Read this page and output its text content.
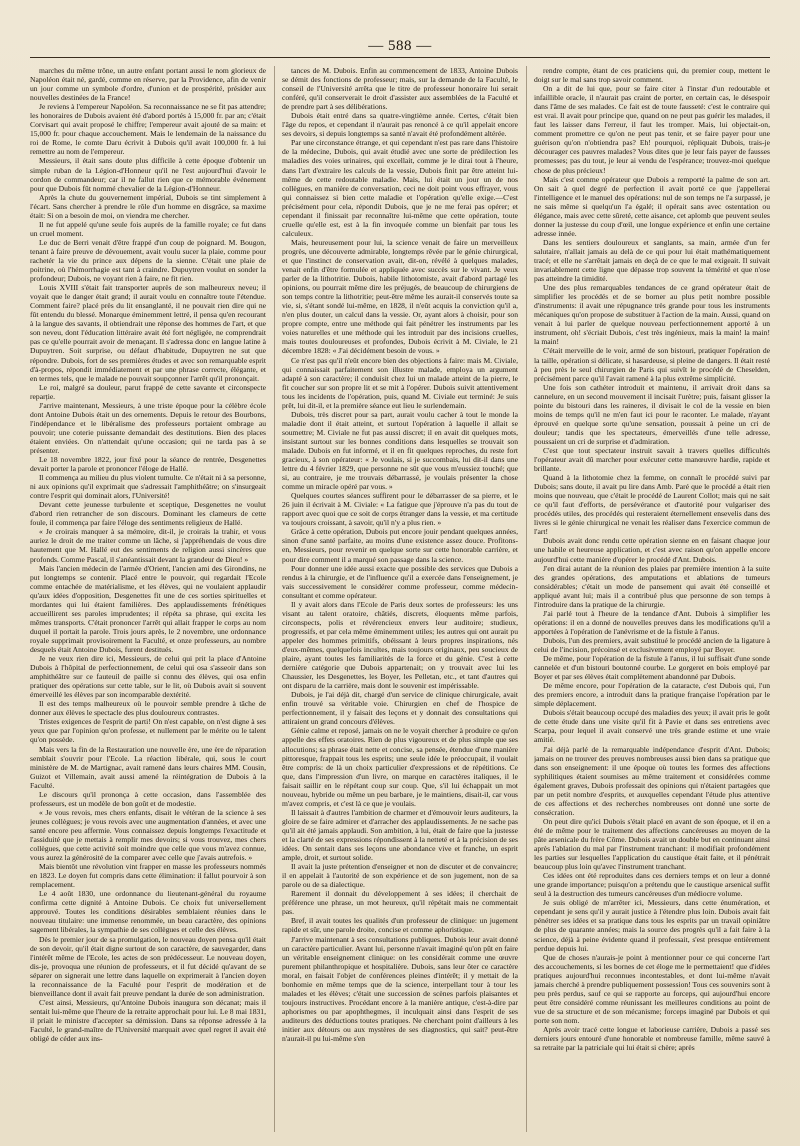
— 588 —

marches du même trône, un autre enfant portant aussi le nom glorieux de Napoléon était né, gardé, comme en réserve, par la Providence, afin de venir un jour comme un symbole d'ordre, d'union et de prospérité, présider aux nouvelles destinées de la France!

Je reviens à l'empereur Napoléon. Sa reconnaissance ne se fit pas attendre; les honoraires de Dubois avaient été d'abord portés à 15,000 fr. par an; c'était Corvisart qui avait proposé le chiffre; l'empereur avait ajouté de sa main: et 15,000 fr. pour chaque accouchement. Mais le lendemain de la naissance du roi de Rome, le comte Daru écrivit à Dubois qu'il avait 100,000 fr. à lui remettre au nom de l'empereur.

Messieurs, il était sans doute plus difficile à cette époque d'obtenir un simple ruban de la Légion-d'Honneur qu'il ne l'est aujourd'hui d'avoir le cordon de commandeur; car il ne fallut rien que ce mémorable événement pour que Dubois fût nommé chevalier de la Légion-d'Honneur.

Après la chute du gouvernement impérial, Dubois se tint simplement à l'écart. Sans chercher à prendre le rôle d'un homme en disgrâce, sa maxime était: Si on a besoin de moi, on viendra me chercher.

Il ne fut appelé qu'une seule fois auprès de la famille royale; ce fut dans un cruel moment.

Le duc de Berri venait d'être frappé d'un coup de poignard. M. Bougon, tenant à faire preuve de dévouement, avait voulu sucer la plaie, comme pour rachetér la vie du prince aux dépens de la sienne. C'était une plaie de poitrine, où l'hémorrhagie est tant à craindre. Dupuytren voulut en sonder la profondeur; Dubois, ne voyant rien à faire, ne fit rien.

Louis XVIII s'était fait transporter auprès de son malheureux neveu; il voyait que le danger était grand; il aurait voulu en connaître toute l'étendue. Comment faire? placé près du lit ensanglanté, il ne pouvait rien dire qui ne fût entendu du blessé. Monarque éminemment lettré, il pensa qu'en recourant à la langue des savants, il obtiendrait une réponse des hommes de l'art, et que son neveu, dont l'éducation littéraire avait été fort négligée, ne comprendrait pas ce qu'elle pourrait avoir de menaçant. Il s'adressa donc en langue latine à Dupuytren. Soit surprise, ou défaut d'habitude, Dupuytren ne sut que répondre. Dubois, fort de ses premières études et avec son remarquable esprit d'à-propos, répondit immédiatement et par une phrase correcte, élégante, et en termes tels, que le malade ne pouvait soupçonner l'arrêt qu'il prononçait.

Le roi, malgré sa douleur, parut frappé de cette savante et circonspecte reparție.

J'arrive maintenant, Messieurs, à une triste époque pour la célèbre école dont Antoine Dubois était un des ornements. Depuis le retour des Bourbons, l'indépendance et le libéralisme des professeurs portaient ombrage au pouvoir; une coterie puissante demandait des destitutions. Bien des places étaient enviées. On n'attendait qu'une occasion; qui ne tarda pas à se présenter.

Le 18 novembre 1822, jour fixé pour la séance de rentrée, Desgenettes devait porter la parole et prononcer l'éloge de Hallé.

Il commença au milieu du plus violent tumulte. Ce n'était ni à sa personne, ni aux opinions qu'il exprimait que s'adressait l'amphithéâtre; on s'insurgeait contre l'esprit qui dominait alors, l'Université!

Devant cette jeunesse turbulente et sceptique, Desgenettes ne voulut d'abord rien retrancher de son discours. Dominant les clameurs de cette foule, il commença par faire l'éloge des sentiments religieux de Hallé.

« Je croirais manquer à sa mémoire, dit-il, je croirais la trahir, et vous auriez le droit de me traiter comme un lâche, si j'appréhendais de vous dire hautement que M. Hallé eut des sentiments de religion aussi sincères que profonds. Comme Pascal, il s'anéantissait devant la grandeur de Dieu! »

Mais l'ancien médecin de l'armée d'Orient, l'ancien ami des Girondins, ne put longtemps se contenir. Placé entre le pouvoir, qui regardait l'Ecole comme entachée de matérialisme, et les élèves, qui ne voulaient applaudir qu'aux idées d'opposition, Desgenettes fit une de ces sorties spirituelles et mordantes qui lui étaient familières. Des applaudissements frénétiques accueillirent ses paroles imprudentes; il répéta sa phrase, qui excita les mêmes transports. C'était prononcer l'arrêt qui allait frapper le corps au nom duquel il portait la parole. Trois jours après, le 2 novembre, une ordonnance royale supprimait provisoirement la Faculté, et onze professeurs, au nombre desquels était Antoine Dubois, furent destitués.

Je ne veux rien dire ici, Messieurs, de celui qui prit la place d'Antoine Dubois à l'hôpital de perfectionnement, de celui qui osa s'asseoir dans son amphithéâtre sur ce fauteuil de paille si connu des élèves, qui osa enfin pratiquer des opérations sur cette table, sur le lit, où Dubois avait si souvent émerveillé les élèves par son incomparable dextérité.

Il est des temps malheureux où le pouvoir semble prendre à tâche de donner aux élèves le spectacle des plus douloureux contrastes.

Tristes exigences de l'esprit de parti! On n'est capable, on n'est digne à ses yeux que par l'opinion qu'on professe, et nullement par le mérite ou le talent qu'on possède.

Mais vers la fin de la Restauration une nouvelle ère, une ère de réparation semblait s'ouvrir pour l'Ecole. La réaction libérale, qui, sous le court ministère de M. de Martignac, avait ramené dans leurs chaires MM. Cousin, Guizot et Villemain, avait aussi amené la réintégration de Dubois à la Faculté.

Le discours qu'il prononça à cette occasion, dans l'assemblée des professeurs, est un modèle de bon goût et de modestie.

« Je vous revois, mes chers enfants, disait le vétéran de la science à ses jeunes collègues; je vous revois avec une augmentation d'années, et avec une santé encore peu affermie. Vous connaissez depuis longtemps l'exactitude et l'assiduité que je mettais à remplir mes devoirs; si vous trouvez, mes chers collègues, que cette activité soit moindre que celle que vous m'avez connue, vous aurez la générosité de la comparer avec celle que j'avais autrefois. »

Mais bientôt une révolution vint frapper en masse les professeurs nommés en 1823. Le doyen fut compris dans cette élimination: il fallut pourvoir à son remplacement.

Le 4 août 1830, une ordonnance du lieutenant-général du royaume confirma cette dignité à Antoine Dubois. Ce choix fut universellement approuvé. Toutes les conditions désirables semblaient réunies dans le nouveau titulaire: une immense renommée, un beau caractère, des opinions sagement libérales, la sympathie de ses collègues et celle des élèves.

Dès le premier jour de sa promulgation, le nouveau doyen pensa qu'il était de son devoir, qu'il était digne surtout de son caractère, de sauvegarder, dans l'intérêt même de l'Ecole, les actes de son prédécesseur. Le nouveau doyen, dis-je, provoqua une réunion de professeurs, et il fut décidé qu'avant de se séparer on signerait une lettre dans laquelle on exprimerait à l'ancien doyen la reconnaissance de la Faculté pour l'esprit de modération et de bienveillance dont il avait fait preuve pendant la durée de son administration.

C'est ainsi, Messieurs, qu'Antoine Dubois inaugura son décanat; mais il sentait lui-même que l'heure de la retraite approchait pour lui. Le 8 mai 1831, il priait le ministre d'accepter sa démission. Dans sa réponse adressée à la Faculté, le grand-maître de l'Université marquait avec quel regret il avait été obligé de céder aux ins-

tances de M. Dubois. Enfin au commencement de 1833, Antoine Dubois se démit des fonctions de professeur; mais, sur la demande de la Faculté, le conseil de l'Université arrêta que le titre de professeur honoraire lui serait conféré, qu'il conserverait le droit d'assister aux assemblées de la Faculté et de prendre part à ses délibérations.

Dubois était entré dans sa quatre-vingtième année. Certes, c'était bien l'âge du repos, et cependant il n'aurait pas renoncé à ce qu'il appelait encore ses devoirs, si depuis longtemps sa santé n'avait été profondément altérée.

Par une circonstance étrange, et qui cependant n'est pas rare dans l'histoire de la médecine, Dubois, qui avait étudié avec une sorte de prédilection les maladies des voies urinaires, qui excellait, comme je le dirai tout à l'heure, dans l'art d'extraire les calculs de la vessie, Dubois finit par être atteint lui-même de cette redoutable maladie. Mais, lui était un jour un de nos collègues, en manière de conversation, ceci ne doit point vous effrayer, vous qui connaissez si bien cette maladie et l'opération qu'elle exige.—C'est précisément pour cela, répondit Dubois, que je ne me ferai pas opérer; et cependant il finissait par reconnaître lui-même que cette opération, toute cruelle qu'elle est, est à la fin invoquée comme un bienfait par tous les calculeux.

Mais, heureusement pour lui, la science venait de faire un merveilleux progrès, une découverte admirable, longtemps rêvée par le génie chirurgical, et que l'instinct de conservation avait, dit-on, révélé à quelques malades, venait enfin d'être formulée et appliquée avec succès sur le vivant. Je veux parler de la lithotritie. Dubois, habile lithotomiste, avait d'abord partagé les opinions, ou pourrait même dire les préjugés, de beaucoup de chirurgiens de son temps contre la lithotritie; peut-être même les aurait-il conservés toute sa vie, si, s'étant sondé lui-même, en 1828, il n'eût acquis la conviction qu'il a, n'en plus douter, un calcul dans la vessie. Or, ayant alors à choisir, pour son propre compte, entre une méthode qui fait pénétrer les instruments par les voies naturelles et une méthode qui les introduit par des incisions cruelles, mais toutes douloureuses et profondes, Dubois écrivit à M. Civiale, le 21 décembre 1828: « J'ai décidément besoin de vous. »

Ce n'est pas qu'il n'eût encore bien des objections à faire: mais M. Civiale, qui connaissait parfaitement son illustre malade, employa un argument adapté à son caractère; il conduisit chez lui un malade atteint de la pierre, le fit coucher sur son propre lit et se mit à l'opérer. Dubois suivit attentivement tous les incidents de l'opération, puis, quand M. Civiale eut terminé: Je suis prêt, lui dit-il, et la première séance eut lieu le surlendemain.

Dubois, très discret pour sa part, aurait voulu cacher à tout le monde la maladie dont il était atteint, et surtout l'opération à laquelle il allait se soumettre; M. Civiale ne fut pas aussi discret; il en avait dit quelques mots, insistant surtout sur les bonnes conditions dans lesquelles se trouvait son malade. Dubois en fut informé, et il en fit quelques reproches, du reste fort gracieux, à son opérateur: « Je voulais, si je succombais, lui dit-il dans une lettre du 4 février 1829, que personne ne sût que vous m'eussiez touché; que si, au contraire, je me trouvais débarrassé, je voulais présenter la chose comme un miracle opéré par vous. »

Quelques courtes séances suffirent pour le débarrasser de sa pierre, et le 26 juin il écrivait à M. Civiale: « La fatigue que j'éprouve n'a pas du tout de rapport avec quoi que ce soit de corps étranger dans la vessie, et ma certitude va toujours croissant, à savoir, qu'il n'y a plus rien. »

Grâce à cette opération, Dubois put encore jouir pendant quelques années, sinon d'une santé parfaite, au moins d'une existence assez douce. Profitons-en, Messieurs, pour revenir en quelque sorte sur cette honorable carrière, et pour dire comment il a marqué son passage dans la science.

Pour donner une idée aussi exacte que possible des services que Dubois a rendus à la chirurgie, et de l'influence qu'il a exercée dans l'enseignement, je vais successivement le considérer comme professeur, comme médecin-consultant et comme opérateur.

Il y avait alors dans l'Ecole de Paris deux sortes de professeurs: les uns visant au talent oratoire, châtiés, discrets, éloquents même parfois, circonspects, polis et révérencieux envers leur auditoire; studieux, progressifs, et par cela même éminemment utiles; les autres qui ont aurait pu appeler des hommes primitifs, obéissant à leurs propres inspirations, nés d'eux-mêmes, quelquefois incultes, mais toujours originaux, peu soucieux de plaire, ayant toutes les familiarités de la force et du génie. C'est à cette dernière catégorie que Dubois appartenait; on y trouvait avec lui les Chaussier, les Desgenettes, les Boyer, les Pelletan, etc., et tant d'autres qui ont disparu de la carrière, mais dont le souvenir est impérissable.

Dubois, je l'ai déjà dit, chargé d'un service de clinique chirurgicale, avait enfin trouvé sa véritable voie. Chirurgien en chef de l'hospice de perfectionnement, il y faisait des leçons et y donnait des consultations qui attiraient un grand concours d'élèves.

Génie calme et reposé, jamais on ne le voyait chercher à produire ce qu'on appelle des effets oratoires. Rien de plus vigoureux et de plus simple que ses allocutions; sa phrase était nette et concise, sa pensée, étendue d'une manière pittoresque, frappait tous les esprits; une seule idée le préoccupait, il voulait être compris: de là un choix particulier d'expressions et de répétitions. Ce que, dans l'impression d'un livre, on marque en caractères italiques, il le faisait saillir en le répétant coup sur coup. Que, s'il lui échappait un mot nouveau, hybride ou même un peu barbare, je le maintiens, disait-il, car vous m'avez compris, et c'est là ce que je voulais.

Il laissait à d'autres l'ambition de charmer et d'émouvoir leurs auditeurs, la gloire de se faire admirer et d'arracher des applaudissements. Je ne sache pas qu'il ait été jamais applaudi. Son ambition, à lui, était de faire que la justesse et la clarté de ses expressions répondissent à la netteté et à la précision de ses idées. On sentait dans ses leçons une abondance vive et franche, un esprit ample, droit, et surtout solide.

Il avait la juste prétention d'enseigner et non de discuter et de convaincre; il en appelait à l'autorité de son expérience et de son jugement, non de sa parole ou de sa dialectique.

Rarement il donnait du développement à ses idées; il cherchait de préférence une phrase, un mot heureux, qu'il répétait mais ne commentait pas.

Bref, il avait toutes les qualités d'un professeur de clinique: un jugement rapide et sûr, une parole droite, concise et comme aphoristique.

J'arrive maintenant à ses consultations publiques. Dubois leur avait donné un caractère particulier. Avant lui, personne n'avait imaginé qu'on pût en faire un véritable enseignement clinique: on les considérait comme une œuvre purement philanthropique et hospitalière. Dubois, sans leur ôter ce caractère moral, en faisait l'objet de conférences pleines d'intérêt; il y mettait de la bonhomie en même temps que de la science, interpellant tour à tour les malades et les élèves; c'était une succession de scènes parfois plaisantes et toujours instructives. Procédant encore à la manière antique, c'est-à-dire par aphorismes ou par apophthegmes, il inculquait ainsi dans l'esprit de ses auditeurs des déductions toutes pratiques. Ne cherchant point d'ailleurs à les initier aux détours ou aux mystères de ses diagnostics, qui sait? peut-être n'aurait-il pu lui-même s'en

rendre compte, étant de ces praticiens qui, du premier coup, mettent le doigt sur le mal sans trop savoir comment.

On a dit de lui que, pour se faire citer à l'instar d'un redoutable et infaillible oracle, il n'aurait pas craint de porter, en certain cas, le désespoir dans l'âme de ses malades. Ce fait est de toute fausseté: c'est le contraire qui est vrai. Il avait pour principe que, quand on ne peut pas guérir les malades, il faut les laisser dans l'erreur, il faut les tromper. Mais, lui objectait-on, comment promettre ce qu'on ne peut pas tenir, et se faire payer pour une guérison qu'on n'obtiendra pas? Eh! pourquoi, répliquait Dubois, trais-je décourager ces pauvres malades? Vous dites que je leur fais payer de fausses promesses; pas du tout, je leur ai vendu de l'espérance; trouvez-moi quelque chose de plus précieux!

Mais c'est comme opérateur que Dubois a remporté la palme de son art. On sait à quel degré de perfection il avait porté ce que j'appellerai l'intelligence et le manuel des opérations: nul de son temps ne l'a surpassé, je ne sais même si quelqu'un l'a égalé; il opérait sans avec ostentation ou élégance, mais avec cette sûreté, cette aisance, cet aplomb que peuvent seules donner la justesse du coup d'œil, une longue expérience et enfin une certaine adresse innée.

Dans les sentiers douloureux et sanglants, sa main, armée d'un fer salutaire, n'allait jamais au delà de ce qui pour lui était mathématiquement tracé; et elle ne s'arrêtait jamais en deçà de ce que le mal exigeait. Il suivait invariablement cette ligne que dépasse trop souvent la témérité et que n'ose pas atteindre la timidité.

Une des plus remarquables tendances de ce grand opérateur était de simplifier les procédés et de se borner au plus petit nombre possible d'instruments: il avait une répugnance très grande pour tous les instruments mécaniques qu'on propose de substituer à l'action de la main. Aussi, quand on venait à lui parler de quelque nouveau perfectionnement apporté à un instrument, oh! s'écriait Dubois, c'est très ingénieux, mais la main! la main! la main!

C'était merveille de le voir, armé de son bistouri, pratiquer l'opération de la taille, opération si délicate, si hasardeuse, si pleine de dangers. Il était resté à peu près le seul chirurgien de Paris qui suivît le procédé de Cheselden, précisément parce qu'il l'avait ramené à la plus extrême simplicité.

Une fois son cathéter introduit et maintenu, il arrivait droit dans sa cannelure, en un second mouvement il incisait l'urètre; puis, faisant glisser la pointe du bistouri dans les raineres, il divisait le col de la vessie en bien moins de temps qu'il ne m'en faut ici pour le raconter. Le malade, n'ayant éprouvé en quelque sorte qu'une sensation, poussait à peine un cri de douleur; tandis que les spectateurs, émerveillés d'une telle adresse, poussaient un cri de surprise et d'admiration.

C'est que tout spectateur instruit savait à travers quelles difficultés l'opérateur avait dû marcher pour exécuter cette manœuvre hardie, rapide et brillante.

Quand à la lithotomie chez la femme, on connaît le procédé suivi par Dubois; sans doute, il avait pu lire dans Amb. Paré que le procédé a était rien moins que nouveau, que c'était le procédé de Laurent Collot; mais qui ne sait ce qu'il faut d'efforts, de persévérance et d'autorité pour vulgariser des procédés utiles, des procédés qui resteraient éternellement ensevelis dans des livres si le génie chirurgical ne venait les réaliser dans l'exercice commun de l'art!

Dubois avait donc rendu cette opération sienne en en faisant chaque jour une habile et heureuse application, et c'est avec raison qu'on appelle encore aujourd'hui cette manière d'opérer le procédé d'Ant. Dubois.

J'en dirai autant de la réunion des plaies par première intention à la suite des grandes opérations, des amputations et ablations de tumeurs considérables; c'était un mode de pansement qui avait été conseillé et appliqué avant lui; mais il a contribué plus que personne de son temps à l'introduire dans la pratique de la chirurgie.

J'ai parlé tout à l'heure de la tendance d'Ant. Dubois à simplifier les opérations: il en a donné de nouvelles preuves dans les modifications qu'il a apportées à l'opération de l'anévrisme et de la fistule à l'anus.

Dubois, l'un des premiers, avait substitué le procédé ancien de la ligature à celui de l'incision, précoinsé et exclusivement employé par Boyer.

De même, pour l'opération de la fistule à l'anus, il lui suffisait d'une sonde cannelée et d'un bistouri boutonné courbe. Le gorgeret en bois employé par Boyer et par ses élèves était complètement abandonné par Dubois.

De même encore, pour l'opération de la cataracte, c'est Dubois qui, l'un des premiers encore, a introduit dans la pratique française l'opération par le simple déplacement.

Dubois s'était beaucoup occupé des maladies des yeux; il avait pris le goût de cette étude dans une visite qu'il fit à Pavie et dans ses entretiens avec Scarpa, pour lequel il avait conservé une très grande estime et une vraie amitié.

J'ai déjà parlé de la remarquable indépendance d'esprit d'Ant. Dubois; jamais on ne trouver des preuves nombreuses aussi bien dans sa pratique que dans son enseignement: il une époque où toutes les formes des affections syphilitiques étaient soumises au même traitement et considérées comme également graves, Dubois professait des opinions qui n'étaient partagées que par un petit nombre d'esprits, et auxquelles cependant l'étude plus attentive de ces affections et des recherches nombreuses ont donné une sorte de consécration.

On peut dire qu'ici Dubois s'était placé en avant de son époque, et il en a été de même pour le traitement des affections cancéreuses au moyen de la pâte arsenicale du frère Côme. Dubois avait un double but en continuant ainsi après l'ablation du mal par l'instrument tranchant: il modifiait profondément les parties sur lesquelles l'application du caustique était faite, et il pénétrait beaucoup plus loin qu'avec l'instrument tranchant.

Ces idées ont été reproduites dans ces derniers temps et on leur a donné une grande importance; puisqu'on a prétendu que le caustique arsenical suffit seul à la destruction des tumeurs cancéreuses d'un médiocre volume.

Je suis obligé de m'arrêter ici, Messieurs, dans cette énumération, et cependant je sens qu'il y aurait justice à l'étendre plus loin. Dubois avait fait pénétrer ses idées et sa pratique dans tous les esprits par un travail opiniâtre de plus de quarante années; mais la source des progrès qu'il a fait faire à la science, déjà à peine évidente quand il professait, s'est presque entièrement perdue depuis lui.

Que de choses n'aurais-je point à mentionner pour ce qui concerne l'art des accouchements, si les bornes de cet éloge me le permettaient! que d'idées pratiques aujourd'hui reconnues incontestables, et dont lui-même n'avait jamais cherché à prendre publiquement possession! Tous ces souvenirs sont à peu près perdus, sauf ce qui se rapporte au forceps, qui aujourd'hui encore peut être considéré comme réunissant les meilleures conditions au point de vue de sa structure et de son mécanisme; forceps imaginé par Dubois et qui porte son nom.

Après avoir tracé cette longue et laborieuse carrière, Dubois a passé ses derniers jours entouré d'une honorable et nombreuse famille, même sauvé à sa retraite par la patriciale qui lui était si chère; après
